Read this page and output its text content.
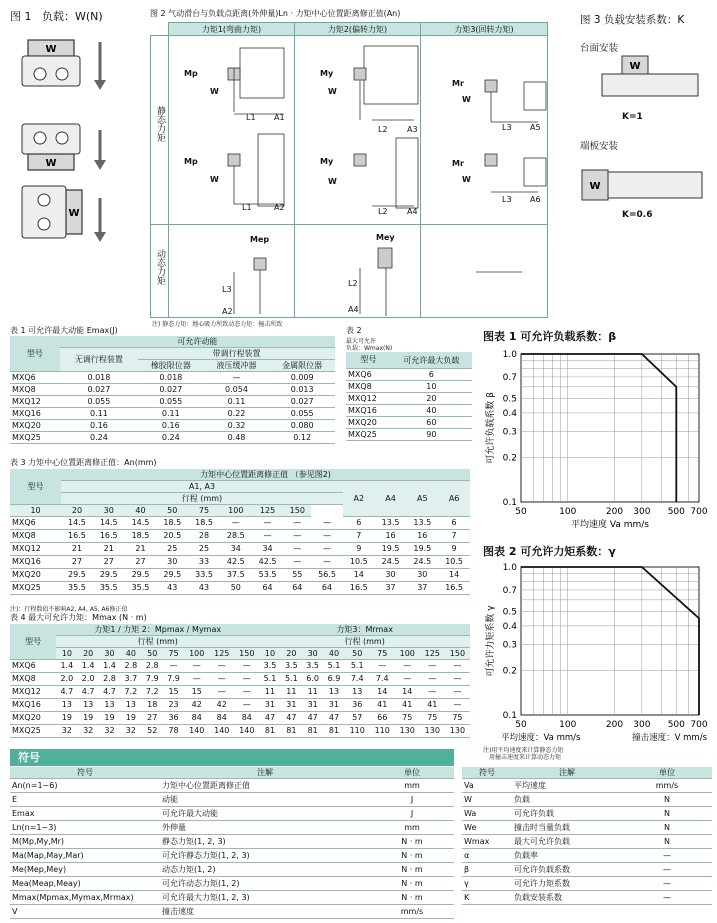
图 1 负载：W(N)
W
W
W
图 2 气动滑台与负载点距离(外伸量)Ln · 力矩中心位置距离修正值(An)
力矩1(弯曲力矩)	力矩2(偏转力矩)	力矩3(回转力矩)
静态力矩
动态力矩
Mp
W
L1 A1
Mp
W
L1	A2
My
W
L2 A3
My
W
L2 A4
Mr
W
L3 A5
Mr
W
L3 A6
Mep
L3
A2
Mey
L2
A4
注) 静态力矩：地心吸力所致动态力矩：撞击所致
图 3 负载安装系数：K
台面安装
W
K=1
端板安装
W
K=0.6
表 1 可允许最大动能 Emax(J)
型号	可允许动能			
	无调行程装置	带调行程装置		
		橡胶限位器	液压缓冲器	金属限位器
MXQ6	0.018	0.018	—	0.009
MXQ8	0.027	0.027	0.054	0.013
MXQ12	0.055	0.055	0.11	0.027
MXQ16	0.11	0.11	0.22	0.055
MXQ20	0.16	0.16	0.32	0.080
MXQ25	0.24	0.24	0.48	0.12
表 2
最大可允许
负载：Wmax(N)
型号	可允许最大负载
MXQ6	6
MXQ8	10
MXQ12	20
MXQ16	40
MXQ20	60
MXQ25	90
表 3 力矩中心位置距离修正值：An(mm)
型号	力矩中心位置距离修正值 （参见图2)												
	A1, A3									A2	A4	A5	A6
	行程 (mm)												
10	20	30	40	50	75	100	125	150					
MXQ6	14.5	14.5	14.5	18.5	18.5	—	—	—	—	6	13.5	13.5	6
MXQ8	16.5	16.5	18.5	20.5	28	28.5	—	—	—	7	16	16	7
MXQ12	21	21	21	25	25	34	34	—	—	9	19.5	19.5	9
MXQ16	27	27	27	30	33	42.5	42.5	—	—	10.5	24.5	24.5	10.5
MXQ20	29.5	29.5	29.5	29.5	33.5	37.5	53.5	55	56.5	14	30	30	14
MXQ25	35.5	35.5	35.5	43	43	50	64	64	64	16.5	37	37	16.5
注)：行程数值不影响A2, A4, A5, A6修正值
表 4 最大可允许力矩：Mmax (N · m)
型号	力矩1 / 力矩 2：Mpmax / Mymax									力矩3：Mrmax								
	行程 (mm)									行程 (mm)								
	10	20	30	40	50	75	100	125	150	10	20	30	40	50	75	100	125	150
MXQ6	1.4	1.4	1.4	2.8	2.8	—	—	—	—	3.5	3.5	3.5	5.1	5.1	—	—	—	—
MXQ8	2.0	2.0	2.8	3.7	7.9	7.9	—	—	—	5.1	5.1	6.0	6.9	7.4	7.4	—	—	—
MXQ12	4.7	4.7	4.7	7.2	7.2	15	15	—	—	11	11	11	13	13	14	14	—	—
MXQ16	13	13	13	13	18	23	42	42	—	31	31	31	31	36	41	41	41	—
MXQ20	19	19	19	19	27	36	84	84	84	47	47	47	47	57	66	75	75	75
MXQ25	32	32	32	32	52	78	140	140	140	81	81	81	81	110	110	130	130	130
图表 1 可允许负载系数：β
0.1
0.2
0.3
0.4
0.5
0.7
1.0
50	100	200 300 500 700
可允许负载系数 β
平均速度 Va mm/s
图表 2 可允许力矩系数：γ
0.1
0.2
0.3
0.4
0.5
0.7
1.0
50	100	200 300 500 700
可允许力矩系数 γ
平均速度：Va mm/s	撞击速度：V mm/s
注)用平均速度来计算静态力矩
用撞击速度来计算动态力矩
符号
符号	注解	单位
An(n=1~6)	力矩中心位置距离修正值	mm
E	动能	J
Emax	可允许最大动能	J
Ln(n=1~3)	外伸量	mm
M(Mp,My,Mr)	静态力矩(1, 2, 3)	N · m
Ma(Map,May,Mar)	可允许静态力矩(1, 2, 3)	N · m
Me(Mep,Mey)	动态力矩(1, 2)	N · m
Mea(Meap,Meay)	可允许动态力矩(1, 2)	N · m
Mmax(Mpmax,Mymax,Mrmax)	可允许最大力矩(1, 2, 3)	N · m
V	撞击速度	mm/s
符号	注解	单位
Va	平均速度	mm/s
W	负载	N
Wa	可允许负载	N
We	撞击时当量负载	N
Wmax	最大可允许负载	N
α	负载率	—
β	可允许负载系数	—
γ	可允许力矩系数	—
K	负载安装系数	—
